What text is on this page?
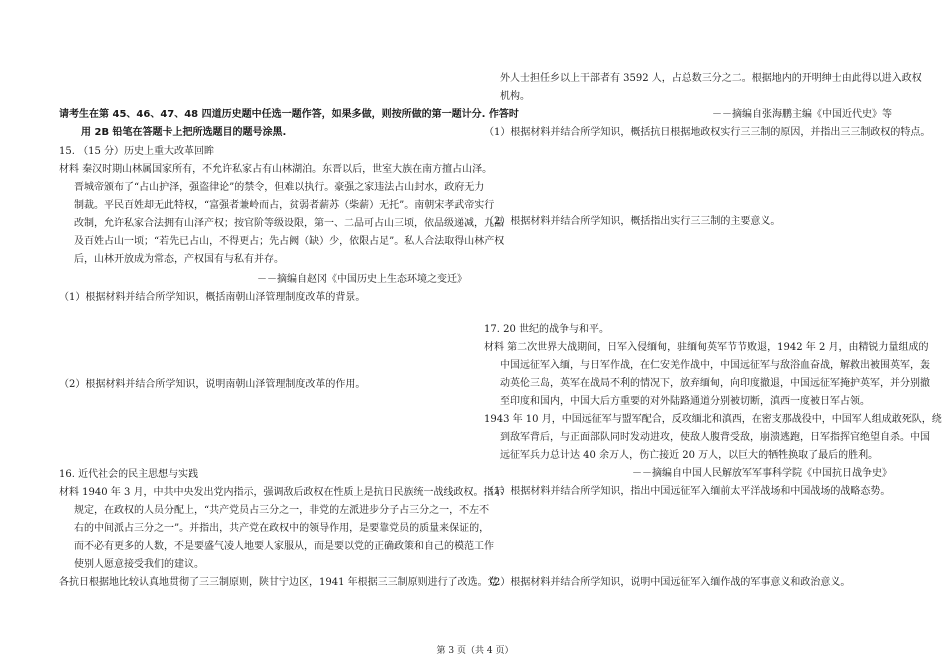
请考生在第 45、46、47、48 四道历史题中任选一题作答，如果多做，则按所做的第一题计分. 作答时
用 2B 铅笔在答题卡上把所选题目的题号涂黑.
15. （15 分）历史上重大改革回眸
材料 秦汉时期山林属国家所有，不允许私家占有山林湖泊。东晋以后，世室大族在南方擅占山泽。
晋城帝颁布了“占山护泽，强盗律论”的禁令，但难以执行。豪强之家违法占山封水，政府无力
制裁。平民百姓却无此特权，“富强者兼岭而占，贫弱者薪苏（柴薪）无托”。南朝宋孝武帝实行
改制，允许私家合法拥有山泽产权；按官阶等级设限，第一、二品可占山三顷，依品级递减，九品
及百姓占山一顷；“若先已占山，不得更占；先占阙（缺）少，依限占足”。私人合法取得山林产权
后，山林开放成为常态，产权国有与私有并存。
－－摘编自赵冈《中国历史上生态环境之变迁》
（1）根据材料并结合所学知识，概括南朝山泽管理制度改革的背景。
（2）根据材料并结合所学知识，说明南朝山泽管理制度改革的作用。
16. 近代社会的民主思想与实践
材料 1940 年 3 月，中共中央发出党内指示，强调敌后政权在性质上是抗日民族统一战线政权。指示
规定，在政权的人员分配上，“共产党员占三分之一，非党的左派进步分子占三分之一，不左不
右的中间派占三分之一”。并指出，共产党在政权中的领导作用，是要靠党员的质量来保证的，
而不必有更多的人数，不是要盛气凌人地要人家服从，而是要以党的正确政策和自己的模范工作
使别人愿意接受我们的建议。
各抗日根据地比较认真地贯彻了三三制原则，陕甘宁边区，1941 年根据三三制原则进行了改选。党
外人士担任乡以上干部者有 3592 人，占总数三分之二。根据地内的开明绅士由此得以进入政权
机构。
－－摘编自张海鹏主编《中国近代史》等
（1）根据材料并结合所学知识，概括抗日根据地政权实行三三制的原因，并指出三三制政权的特点。
（2）根据材料并结合所学知识，概括指出实行三三制的主要意义。
17. 20 世纪的战争与和平。
材料 第二次世界大战期间，日军入侵缅甸，驻缅甸英军节节败退，1942 年 2 月，由精锐力量组成的
中国远征军入缅，与日军作战，在仁安羌作战中，中国远征军与敌浴血奋战，解救出被围英军，轰
动英伦三岛，英军在战局不利的情况下，放弃缅甸，向印度撤退，中国远征军掩护英军，并分别撤
至印度和国内，中国大后方重要的对外陆路通道分别被切断，滇西一度被日军占领。
1943 年 10 月，中国远征军与盟军配合，反攻缅北和滇西，在密支那战役中，中国军人组成敢死队，绕
到敌军背后，与正面部队同时发动进攻，使敌人腹背受敌，崩溃逃跑，日军指挥官绝望自杀。中国
远征军兵力总计达 40 余万人，伤亡接近 20 万人，以巨大的牺牲换取了最后的胜利。
－－摘编自中国人民解放军军事科学院《中国抗日战争史》
（1）根据材料并结合所学知识，指出中国远征军入缅前太平洋战场和中国战场的战略态势。
（2）根据材料并结合所学知识，说明中国远征军入缅作战的军事意义和政治意义。
第 3 页（共 4 页）
